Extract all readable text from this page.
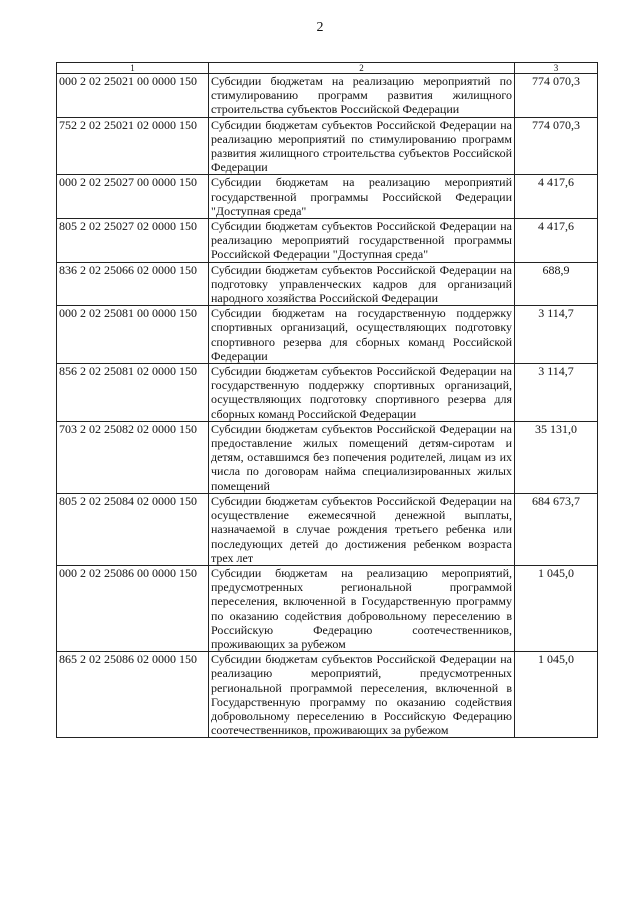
2
1	2	3
000 2 02 25021 00 0000 150	Субсидии бюджетам на реализацию мероприятий по стимулированию программ развития жилищного строительства субъектов Российской Федерации	774 070,3
752 2 02 25021 02 0000 150	Субсидии бюджетам субъектов Российской Федерации на реализацию мероприятий по стимулированию программ развития жилищного строительства субъектов Российской Федерации	774 070,3
000 2 02 25027 00 0000 150	Субсидии бюджетам на реализацию мероприятий государственной программы Российской Федерации "Доступная среда"	4 417,6
805 2 02 25027 02 0000 150	Субсидии бюджетам субъектов Российской Федерации на реализацию мероприятий государственной программы Российской Федерации "Доступная среда"	4 417,6
836 2 02 25066 02 0000 150	Субсидии бюджетам субъектов Российской Федерации на подготовку управленческих кадров для организаций народного хозяйства Российской Федерации	688,9
000 2 02 25081 00 0000 150	Субсидии бюджетам на государственную поддержку спортивных организаций, осуществляющих подготовку спортивного резерва для сборных команд Российской Федерации	3 114,7
856 2 02 25081 02 0000 150	Субсидии бюджетам субъектов Российской Федерации на государственную поддержку спортивных организаций, осуществляющих подготовку спортивного резерва для сборных команд Российской Федерации	3 114,7
703 2 02 25082 02 0000 150	Субсидии бюджетам субъектов Российской Федерации на предоставление жилых помещений детям-сиротам и детям, оставшимся без попечения родителей, лицам из их числа по договорам найма специализированных жилых помещений	35 131,0
805 2 02 25084 02 0000 150	Субсидии бюджетам субъектов Российской Федерации на осуществление ежемесячной денежной выплаты, назначаемой в случае рождения третьего ребенка или последующих детей до достижения ребенком возраста трех лет	684 673,7
000 2 02 25086 00 0000 150	Субсидии бюджетам на реализацию мероприятий, предусмотренных региональной программой переселения, включенной в Государственную программу по оказанию содействия добровольному переселению в Российскую Федерацию соотечественников, проживающих за рубежом	1 045,0
865 2 02 25086 02 0000 150	Субсидии бюджетам субъектов Российской Федерации на реализацию мероприятий, предусмотренных региональной программой переселения, включенной в Государственную программу по оказанию содействия добровольному переселению в Российскую Федерацию соотечественников, проживающих за рубежом	1 045,0
